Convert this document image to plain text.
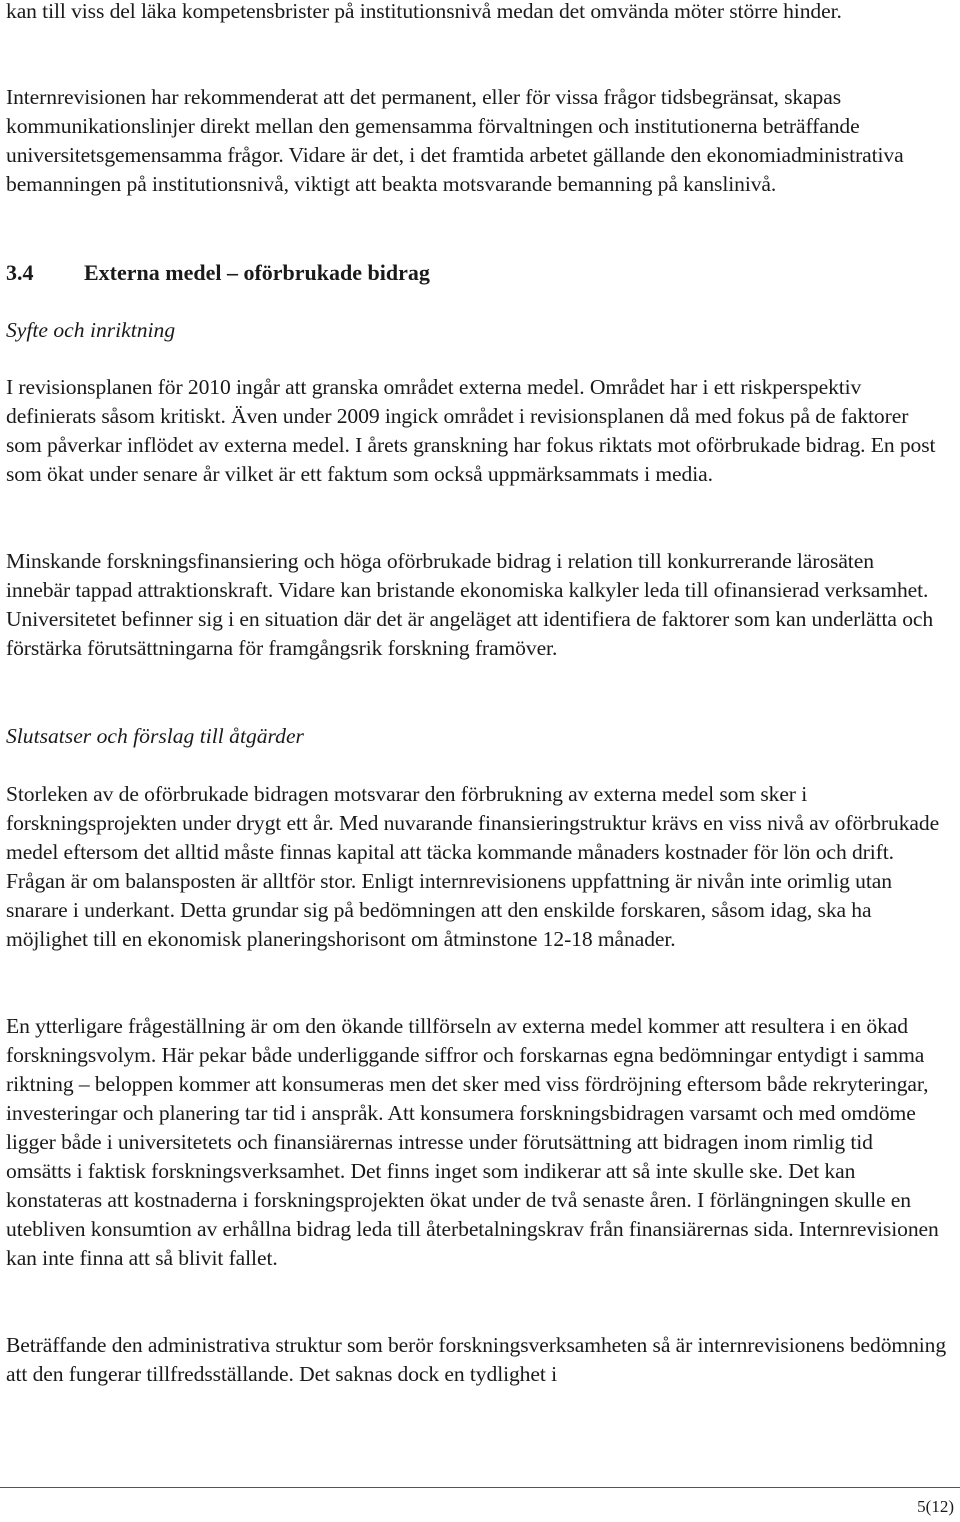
kan till viss del läka kompetensbrister på institutionsnivå medan det omvända möter större hinder.

Internrevisionen har rekommenderat att det permanent, eller för vissa frågor tidsbegränsat, skapas kommunikationslinjer direkt mellan den gemensamma förvaltningen och institutionerna beträffande universitetsgemensamma frågor. Vidare är det, i det framtida arbetet gällande den ekonomiadministrativa bemanningen på institutionsnivå, viktigt att beakta motsvarande bemanning på kanslinivå.

3.4 Externa medel – oförbrukade bidrag

Syfte och inriktning

I revisionsplanen för 2010 ingår att granska området externa medel. Området har i ett riskperspektiv definierats såsom kritiskt. Även under 2009 ingick området i revisionsplanen då med fokus på de faktorer som påverkar inflödet av externa medel. I årets granskning har fokus riktats mot oförbrukade bidrag. En post som ökat under senare år vilket är ett faktum som också uppmärksammats i media.

Minskande forskningsfinansiering och höga oförbrukade bidrag i relation till konkurrerande lärosäten innebär tappad attraktionskraft. Vidare kan bristande ekonomiska kalkyler leda till ofinansierad verksamhet. Universitetet befinner sig i en situation där det är angeläget att identifiera de faktorer som kan underlätta och förstärka förutsättningarna för framgångsrik forskning framöver.

Slutsatser och förslag till åtgärder

Storleken av de oförbrukade bidragen motsvarar den förbrukning av externa medel som sker i forskningsprojekten under drygt ett år. Med nuvarande finansieringstruktur krävs en viss nivå av oförbrukade medel eftersom det alltid måste finnas kapital att täcka kommande månaders kostnader för lön och drift. Frågan är om balansposten är alltför stor. Enligt internrevisionens uppfattning är nivån inte orimlig utan snarare i underkant. Detta grundar sig på bedömningen att den enskilde forskaren, såsom idag, ska ha möjlighet till en ekonomisk planeringshorisont om åtminstone 12-18 månader.

En ytterligare frågeställning är om den ökande tillförseln av externa medel kommer att resultera i en ökad forskningsvolym. Här pekar både underliggande siffror och forskarnas egna bedömningar entydigt i samma riktning – beloppen kommer att konsumeras men det sker med viss fördröjning eftersom både rekryteringar, investeringar och planering tar tid i anspråk. Att konsumera forskningsbidragen varsamt och med omdöme ligger både i universitetets och finansiärernas intresse under förutsättning att bidragen inom rimlig tid omsätts i faktisk forskningsverksamhet. Det finns inget som indikerar att så inte skulle ske. Det kan konstateras att kostnaderna i forskningsprojekten ökat under de två senaste åren. I förlängningen skulle en utebliven konsumtion av erhållna bidrag leda till återbetalningskrav från finansiärernas sida. Internrevisionen kan inte finna att så blivit fallet.

Beträffande den administrativa struktur som berör forskningsverksamheten så är internrevisionens bedömning att den fungerar tillfredsställande. Det saknas dock en tydlighet i

5(12)
